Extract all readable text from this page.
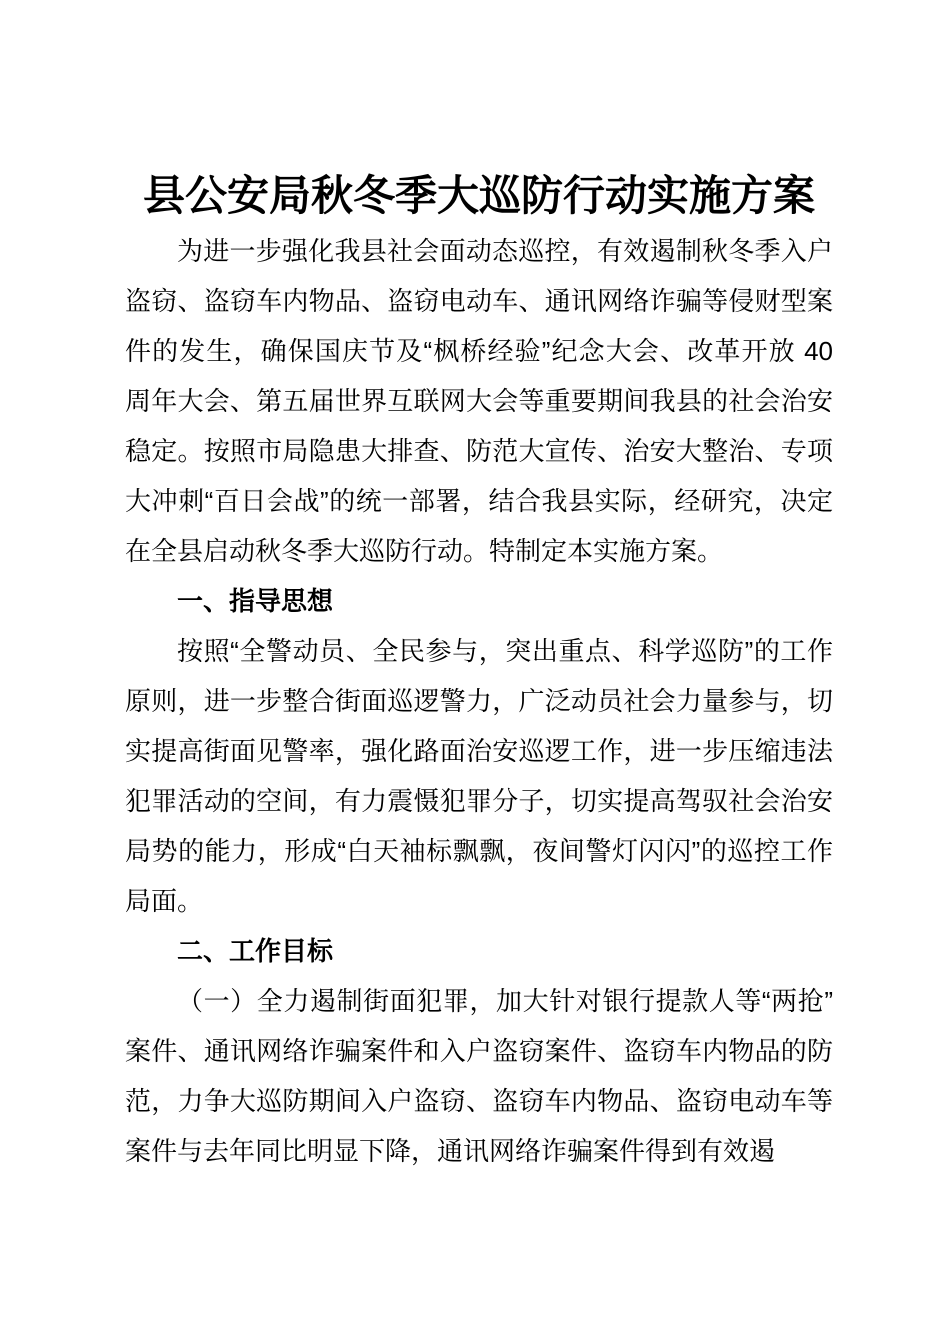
县公安局秋冬季大巡防行动实施方案

为进一步强化我县社会面动态巡控，有效遏制秋冬季入户盗窃、盗窃车内物品、盗窃电动车、通讯网络诈骗等侵财型案件的发生，确保国庆节及“枫桥经验”纪念大会、改革开放 40 周年大会、第五届世界互联网大会等重要期间我县的社会治安稳定。按照市局隐患大排查、防范大宣传、治安大整治、专项大冲刺“百日会战”的统一部署，结合我县实际，经研究，决定在全县启动秋冬季大巡防行动。特制定本实施方案。

一、指导思想

按照“全警动员、全民参与，突出重点、科学巡防”的工作原则，进一步整合街面巡逻警力，广泛动员社会力量参与，切实提高街面见警率，强化路面治安巡逻工作，进一步压缩违法犯罪活动的空间，有力震慑犯罪分子，切实提高驾驭社会治安局势的能力，形成“白天袖标飘飘，夜间警灯闪闪”的巡控工作局面。

二、工作目标

（一）全力遏制街面犯罪，加大针对银行提款人等“两抢”案件、通讯网络诈骗案件和入户盗窃案件、盗窃车内物品的防范，力争大巡防期间入户盗窃、盗窃车内物品、盗窃电动车等案件与去年同比明显下降，通讯网络诈骗案件得到有效遏
